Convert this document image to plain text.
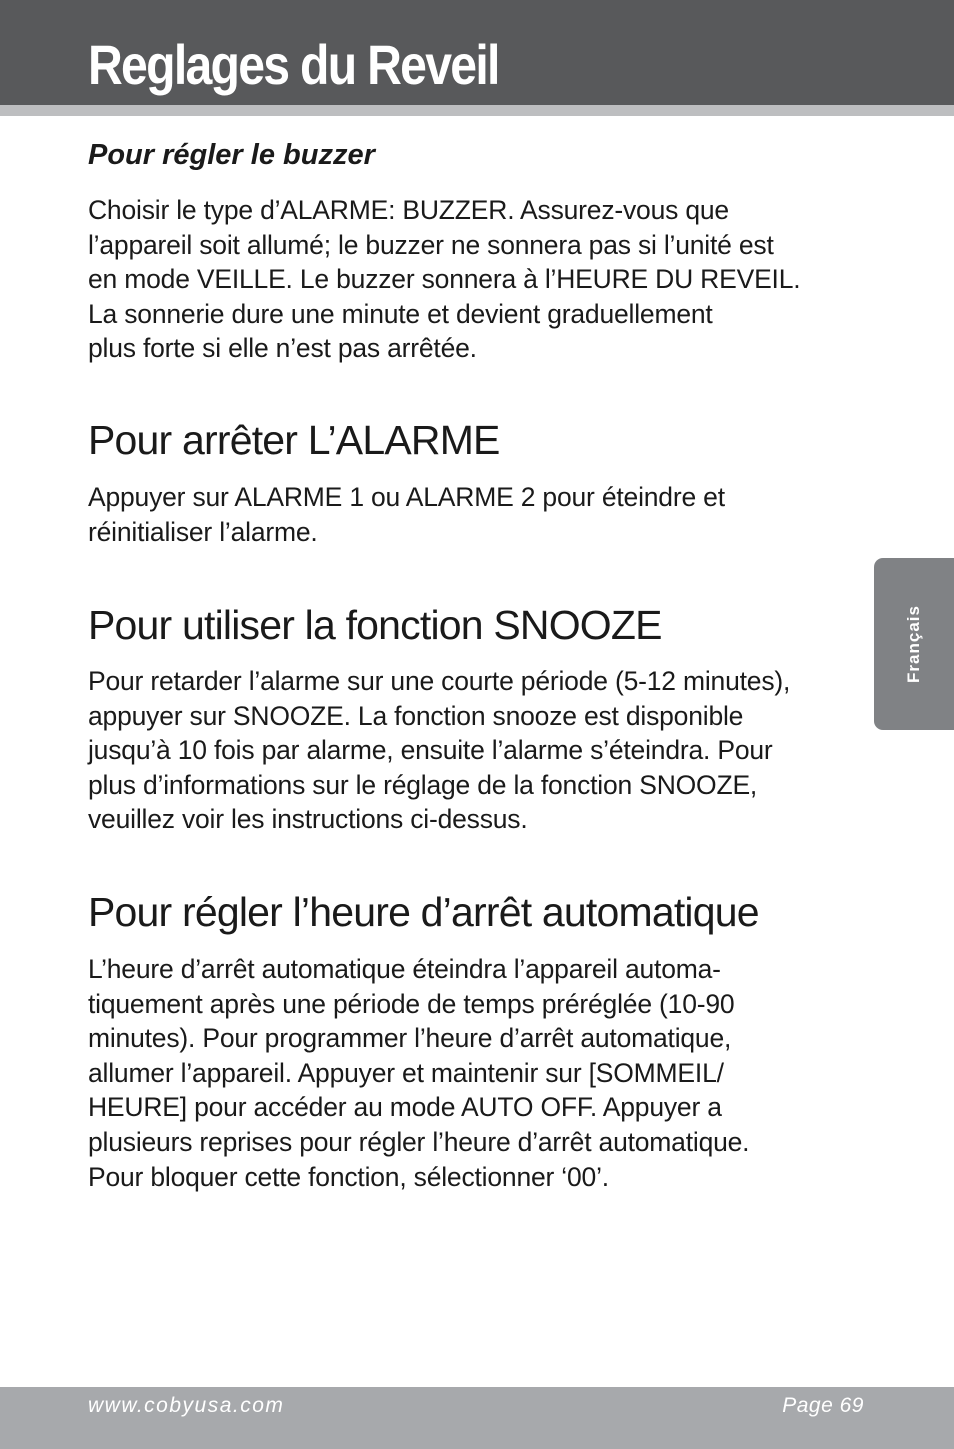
Reglages du Reveil
Pour régler le buzzer

Choisir le type d’ALARME: BUZZER. Assurez-vous que
l’appareil soit allumé; le buzzer ne sonnera pas si l’unité est
en mode VEILLE. Le buzzer sonnera à l’HEURE DU REVEIL.
La sonnerie dure une minute et devient graduellement
plus forte si elle n’est pas arrêtée.

Pour arrêter L’ALARME

Appuyer sur ALARME 1 ou ALARME 2 pour éteindre et
réinitialiser l’alarme.

Pour utiliser la fonction SNOOZE

Pour retarder l’alarme sur une courte période (5-12 minutes),
appuyer sur SNOOZE. La fonction snooze est disponible
jusqu’à 10 fois par alarme, ensuite l’alarme s’éteindra. Pour
plus d’informations sur le réglage de la fonction SNOOZE,
veuillez voir les instructions ci-dessus.

Pour régler l’heure d’arrêt automatique

L’heure d’arrêt automatique éteindra l’appareil automa-
tiquement après une période de temps préréglée (10-90
minutes). Pour programmer l’heure d’arrêt automatique,
allumer l’appareil. Appuyer et maintenir sur [SOMMEIL/
HEURE] pour accéder au mode AUTO OFF. Appuyer a
plusieurs reprises pour régler l’heure d’arrêt automatique.
Pour bloquer cette fonction, sélectionner ‘00’.

Français
www.cobyusa.com	Page 69
